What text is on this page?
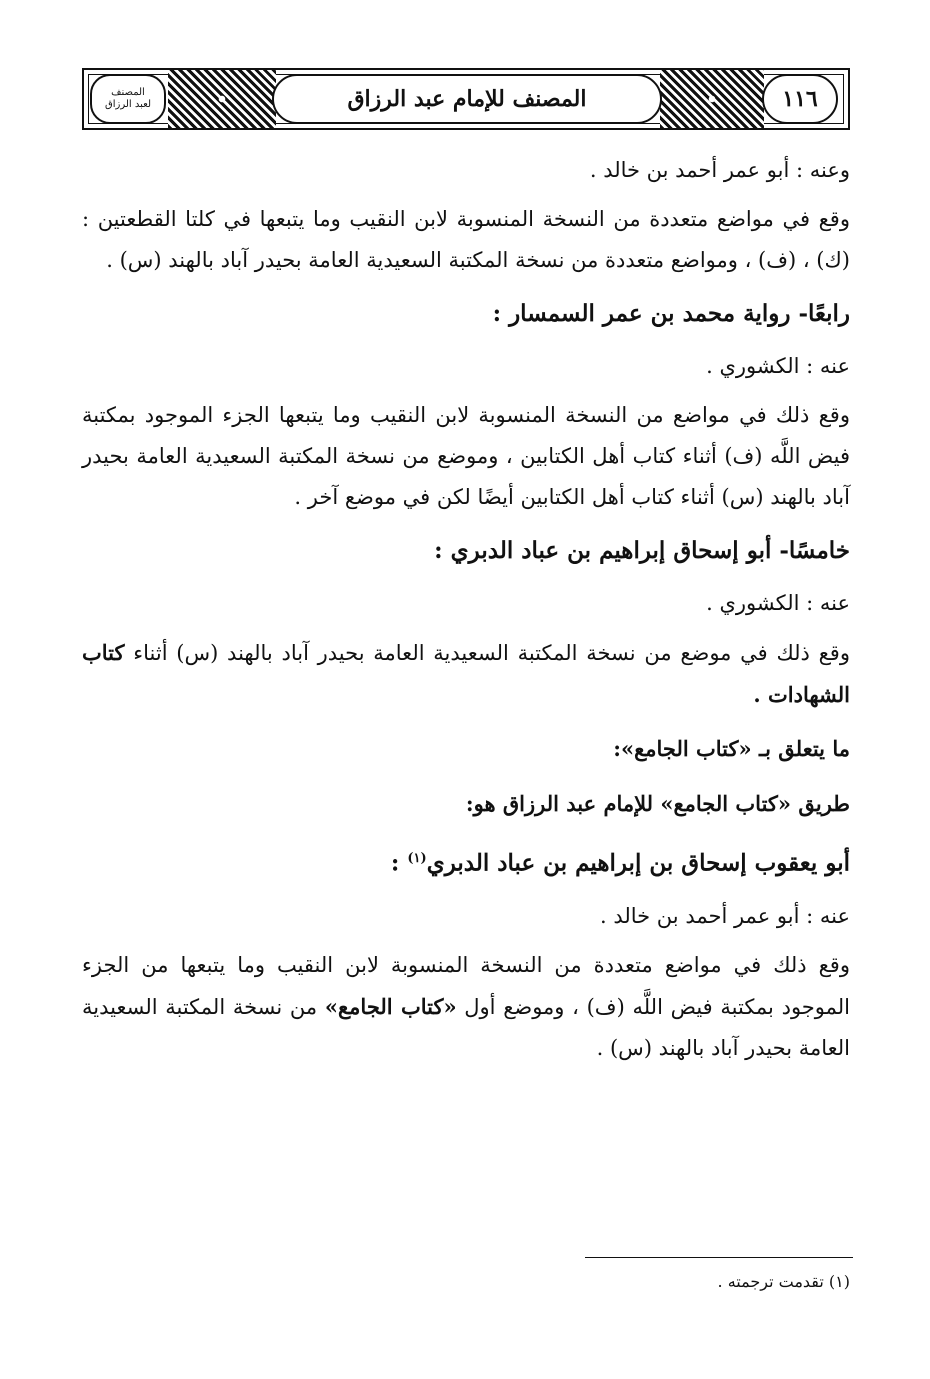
المصنف
لعبد الرزاق	المصنف للإمام عبد الرزاق	١١٦

وعنه : أبو عمر أحمد بن خالد .

وقع في مواضع متعددة من النسخة المنسوبة لابن النقيب وما يتبعها في كلتا القطعتين : (ك) ، (ف) ، ومواضع متعددة من نسخة المكتبة السعيدية العامة بحيدر آباد بالهند (س) .

رابعًا- رواية محمد بن عمر السمسار :

عنه : الكشوري .

وقع ذلك في مواضع من النسخة المنسوبة لابن النقيب وما يتبعها الجزء الموجود بمكتبة فيض اللَّه (ف) أثناء كتاب أهل الكتابين ، وموضع من نسخة المكتبة السعيدية العامة بحيدر آباد بالهند (س) أثناء كتاب أهل الكتابين أيضًا لكن في موضع آخر .

خامسًا- أبو إسحاق إبراهيم بن عباد الدبري :

عنه : الكشوري .

وقع ذلك في موضع من نسخة المكتبة السعيدية العامة بحيدر آباد بالهند (س) أثناء كتاب الشهادات .

ما يتعلق بـ «كتاب الجامع»:

طريق «كتاب الجامع» للإمام عبد الرزاق هو:

أبو يعقوب إسحاق بن إبراهيم بن عباد الدبري$^{(١)}$ :

عنه : أبو عمر أحمد بن خالد .

وقع ذلك في مواضع متعددة من النسخة المنسوبة لابن النقيب وما يتبعها من الجزء الموجود بمكتبة فيض اللَّه (ف) ، وموضع أول «كتاب الجامع» من نسخة المكتبة السعيدية العامة بحيدر آباد بالهند (س) .

(١) تقدمت ترجمته .
